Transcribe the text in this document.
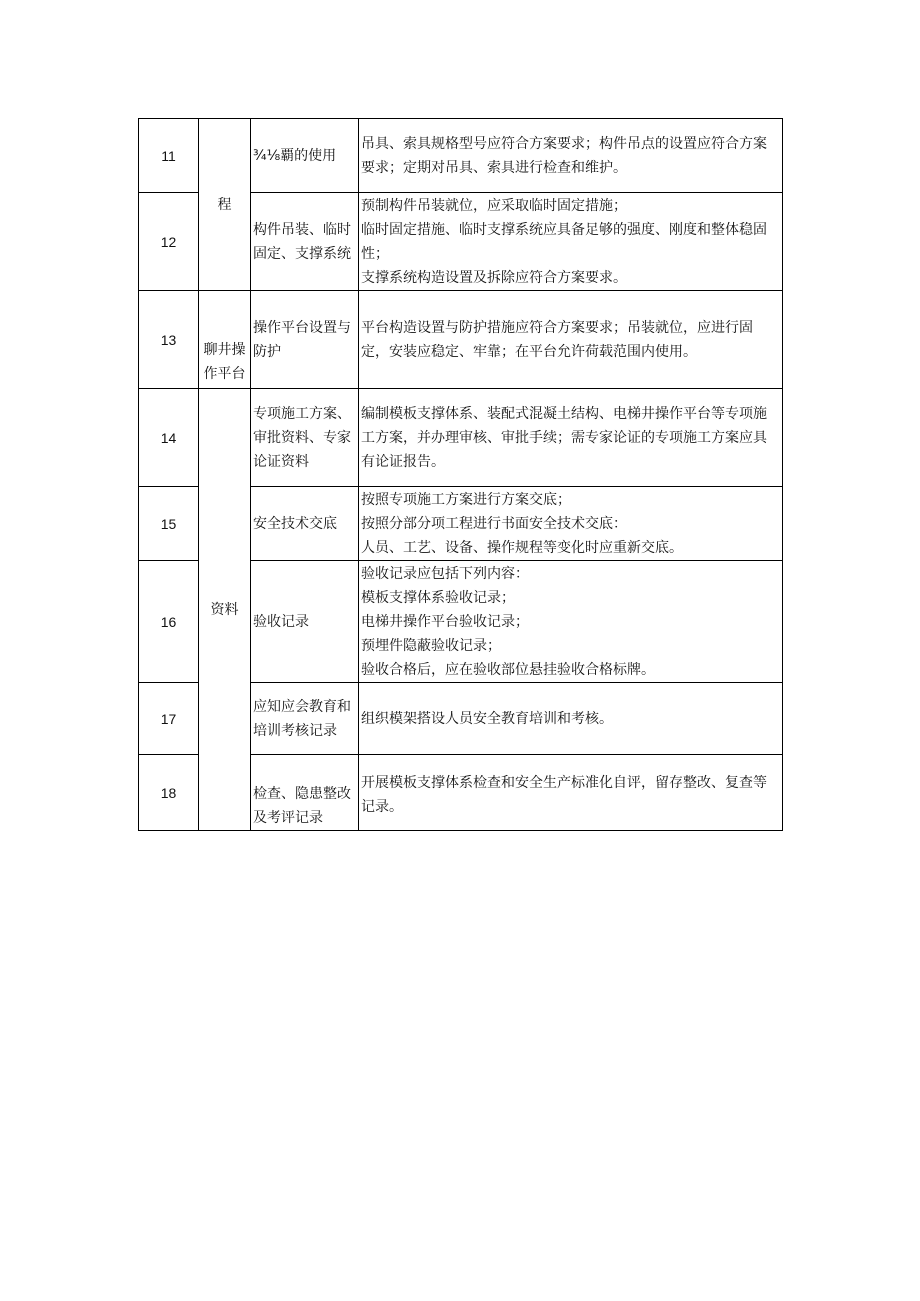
11	程	¾⅛覇的使用	吊具、索具规格型号应符合方案要求；构件吊点的设置应符合方案要求；定期对吊具、索具进行检查和维护。

12		构件吊装、临时固定、支撑系统	预制构件吊装就位，应采取临时固定措施；
临时固定措施、临时支撑系统应具备足够的强度、刚度和整体稳固性；
支撑系统构造设置及拆除应符合方案要求。

13	聊井操作平台	操作平台设置与防护	平台构造设置与防护措施应符合方案要求；吊装就位，应进行固定，安装应稳定、牢靠；在平台允许荷载范围内使用。

14	资料	专项施工方案、审批资料、专家论证资料	编制模板支撑体系、装配式混凝土结构、电梯井操作平台等专项施工方案，并办理审核、审批手续；需专家论证的专项施工方案应具有论证报告。

15		安全技术交底	按照专项施工方案进行方案交底；
按照分部分项工程进行书面安全技术交底：
人员、工艺、设备、操作规程等变化时应重新交底。

16		验收记录	验收记录应包括下列内容：
模板支撑体系验收记录；
电梯井操作平台验收记录；
预埋件隐蔽验收记录；
验收合格后，应在验收部位悬挂验收合格标牌。

17		应知应会教育和培训考核记录	组织模架搭设人员安全教育培训和考核。

18		检查、隐患整改及考评记录	开展模板支撑体系检查和安全生产标准化自评，留存整改、复查等记录。
